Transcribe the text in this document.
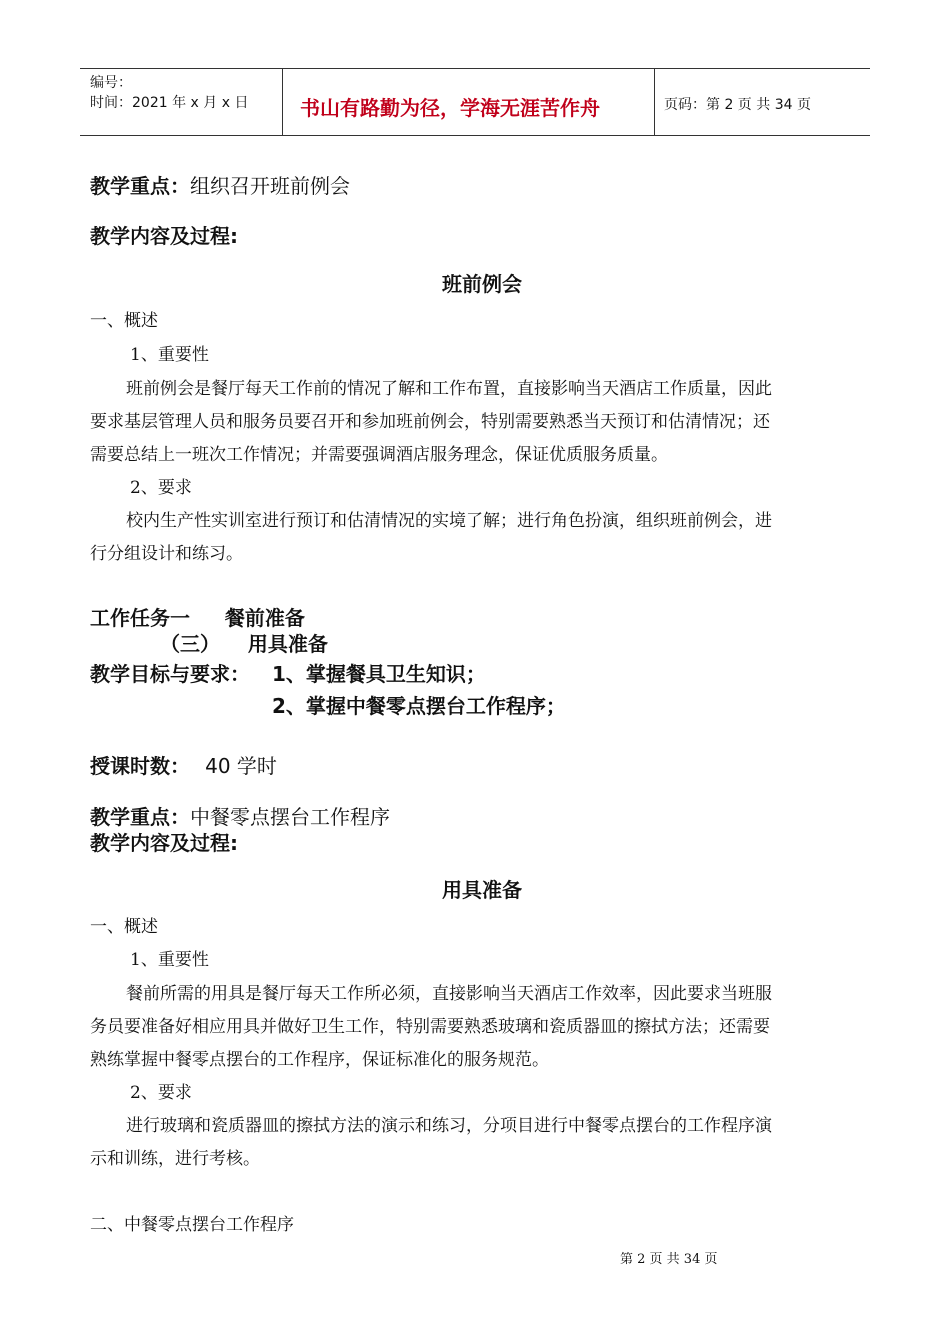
编号：
时间：2021 年 x 月 x 日	书山有路勤为径，学海无涯苦作舟	页码：第 2 页 共 34 页
教学重点：组织召开班前例会
教学内容及过程:
班前例会
一、概述
1、重要性
班前例会是餐厅每天工作前的情况了解和工作布置，直接影响当天酒店工作质量，因此
要求基层管理人员和服务员要召开和参加班前例会，特别需要熟悉当天预订和估清情况；还
需要总结上一班次工作情况；并需要强调酒店服务理念，保证优质服务质量。
2、要求
校内生产性实训室进行预订和估清情况的实境了解；进行角色扮演，组织班前例会，进
行分组设计和练习。
工作任务一     餐前准备
（三）    用具准备
教学目标与要求： 1、掌握餐具卫生知识；
2、掌握中餐零点摆台工作程序；
授课时数： 40 学时
教学重点：中餐零点摆台工作程序
教学内容及过程:
用具准备
一、概述
1、重要性
餐前所需的用具是餐厅每天工作所必须，直接影响当天酒店工作效率，因此要求当班服
务员要准备好相应用具并做好卫生工作，特别需要熟悉玻璃和瓷质器皿的擦拭方法；还需要
熟练掌握中餐零点摆台的工作程序，保证标准化的服务规范。
2、要求
进行玻璃和瓷质器皿的擦拭方法的演示和练习，分项目进行中餐零点摆台的工作程序演
示和训练，进行考核。
二、中餐零点摆台工作程序
第 2 页 共 34 页
